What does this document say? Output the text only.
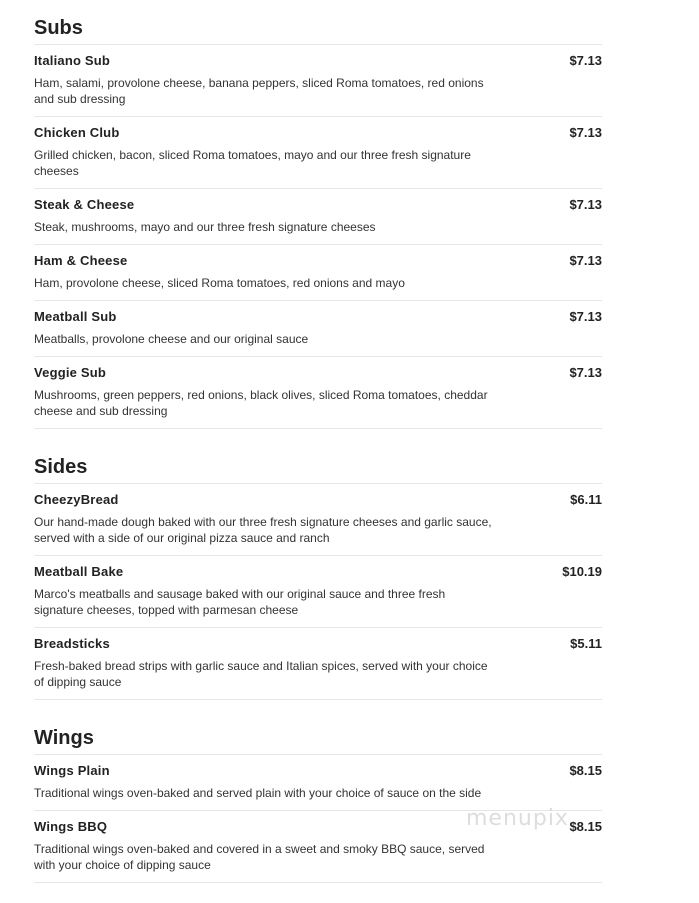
Subs
Italiano Sub	$7.13
Ham, salami, provolone cheese, banana peppers, sliced Roma tomatoes, red onions and sub dressing
Chicken Club	$7.13
Grilled chicken, bacon, sliced Roma tomatoes, mayo and our three fresh signature cheeses
Steak & Cheese	$7.13
Steak, mushrooms, mayo and our three fresh signature cheeses
Ham & Cheese	$7.13
Ham, provolone cheese, sliced Roma tomatoes, red onions and mayo
Meatball Sub	$7.13
Meatballs, provolone cheese and our original sauce
Veggie Sub	$7.13
Mushrooms, green peppers, red onions, black olives, sliced Roma tomatoes, cheddar cheese and sub dressing
Sides
CheezyBread	$6.11
Our hand-made dough baked with our three fresh signature cheeses and garlic sauce, served with a side of our original pizza sauce and ranch
Meatball Bake	$10.19
Marco's meatballs and sausage baked with our original sauce and three fresh signature cheeses, topped with parmesan cheese
Breadsticks	$5.11
Fresh-baked bread strips with garlic sauce and Italian spices, served with your choice of dipping sauce
Wings
Wings Plain	$8.15
Traditional wings oven-baked and served plain with your choice of sauce on the side
Wings BBQ	$8.15
Traditional wings oven-baked and covered in a sweet and smoky BBQ sauce, served with your choice of dipping sauce
menupix
